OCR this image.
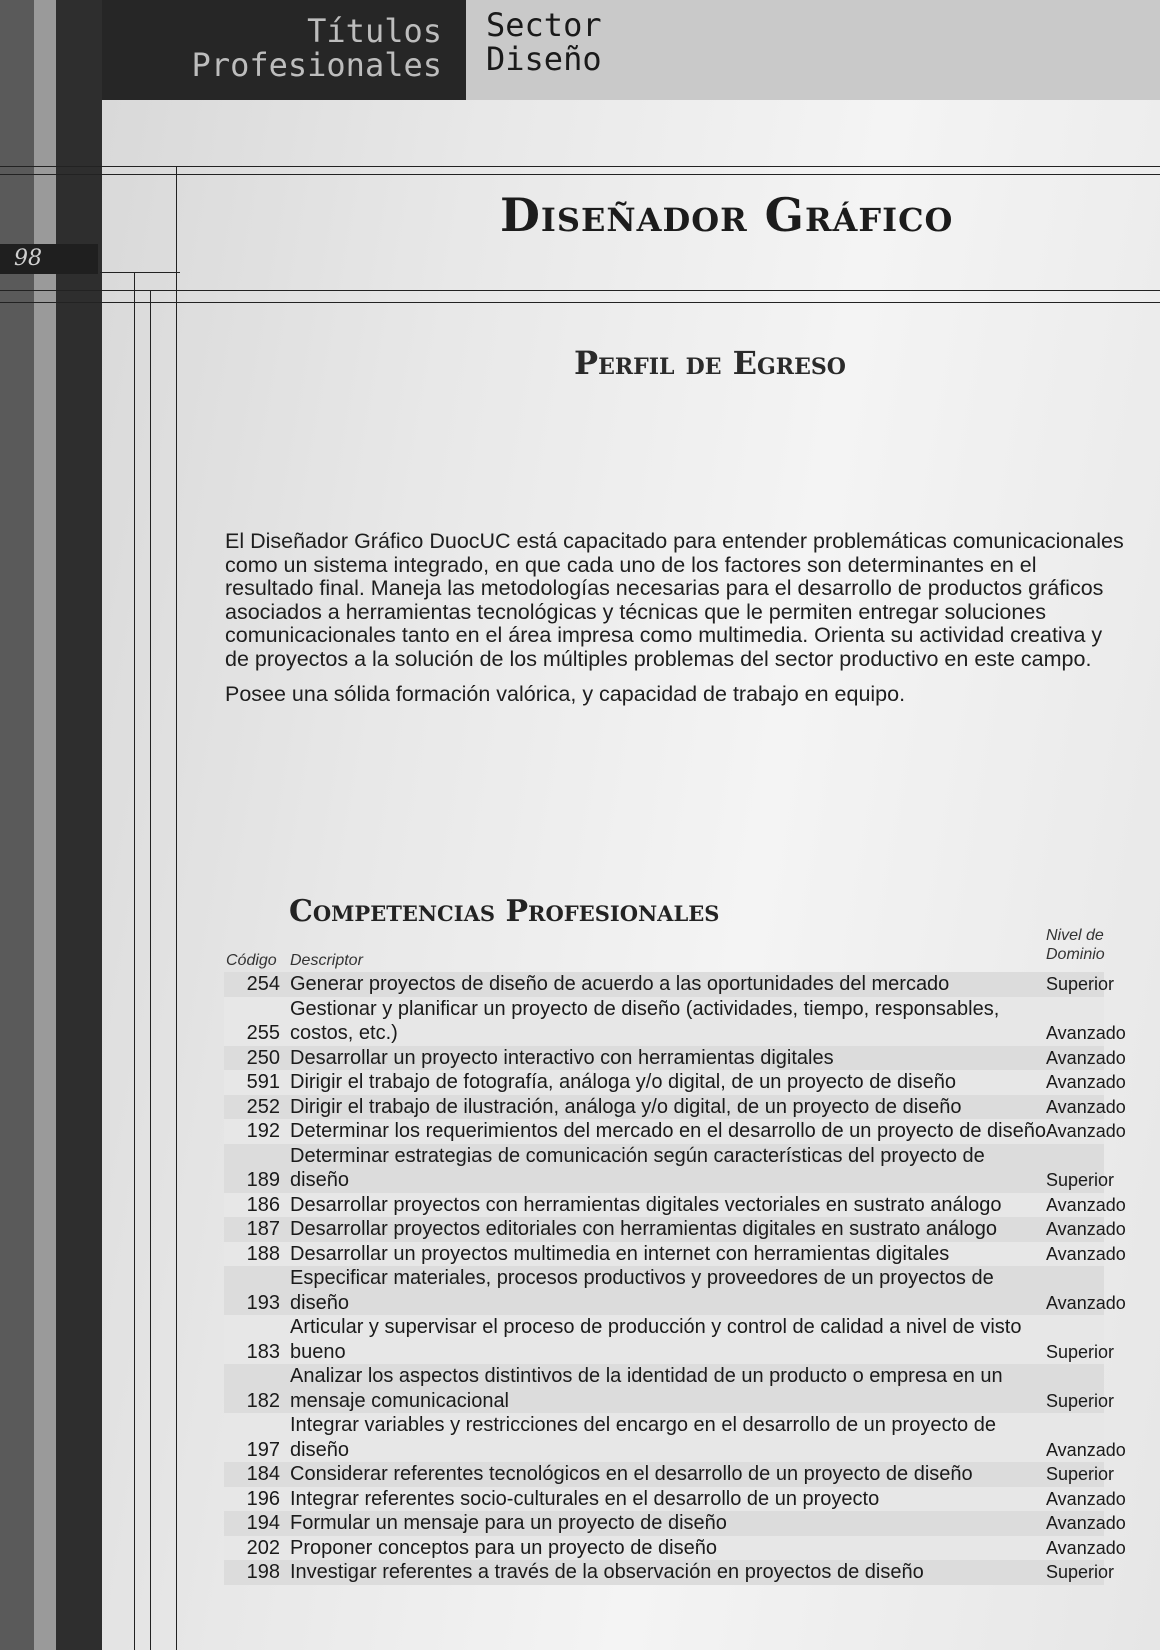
Títulos
Profesionales
Sector
Diseño
98
Diseñador Gráfico
Perfil de Egreso

El Diseñador Gráfico DuocUC está capacitado para entender problemáticas comunicacionales como un sistema integrado, en que cada uno de los factores son determinantes en el resultado final. Maneja las metodologías necesarias para el desarrollo de productos gráficos asociados a herramientas tecnológicas y técnicas que le permiten entregar soluciones comunicacionales tanto en el área impresa como multimedia. Orienta su actividad creativa y de proyectos a la solución de los múltiples problemas del sector productivo en este campo.

Posee una sólida formación valórica, y capacidad de trabajo en equipo.

Competencias Profesionales
Código Descriptor
Nivel de Dominio
254 Generar proyectos de diseño de acuerdo a las oportunidades del mercado	Superior
255
Gestionar y planificar un proyecto de diseño (actividades, tiempo, responsables, costos, etc.)	Avanzado
250 Desarrollar un proyecto interactivo con herramientas digitales	Avanzado
591 Dirigir el trabajo de fotografía, análoga y/o digital, de un proyecto de diseño	Avanzado
252 Dirigir el trabajo de ilustración, análoga y/o digital, de un proyecto de diseño	Avanzado
192 Determinar los requerimientos del mercado en el desarrollo de un proyecto de diseño Avanzado
189
Determinar estrategias de comunicación según características del proyecto de diseño	Superior
186 Desarrollar proyectos con herramientas digitales vectoriales en sustrato análogo	Avanzado
187 Desarrollar proyectos editoriales con herramientas digitales en sustrato análogo	Avanzado
188 Desarrollar un proyectos multimedia en internet con herramientas digitales	Avanzado
193
Especificar materiales, procesos productivos y proveedores de un proyectos de diseño	Avanzado
183
Articular y supervisar el proceso de producción y control de calidad a nivel de visto bueno	Superior
182
Analizar los aspectos distintivos de la identidad de un producto o empresa en un mensaje comunicacional	Superior
197
Integrar variables y restricciones del encargo en el desarrollo de un proyecto de diseño	Avanzado
184 Considerar referentes tecnológicos en el desarrollo de un proyecto de diseño	Superior
196 Integrar referentes socio-culturales en el desarrollo de un proyecto	Avanzado
194 Formular un mensaje para un proyecto de diseño	Avanzado
202 Proponer conceptos para un proyecto de diseño	Avanzado
198 Investigar referentes a través de la observación en proyectos de diseño	Superior
